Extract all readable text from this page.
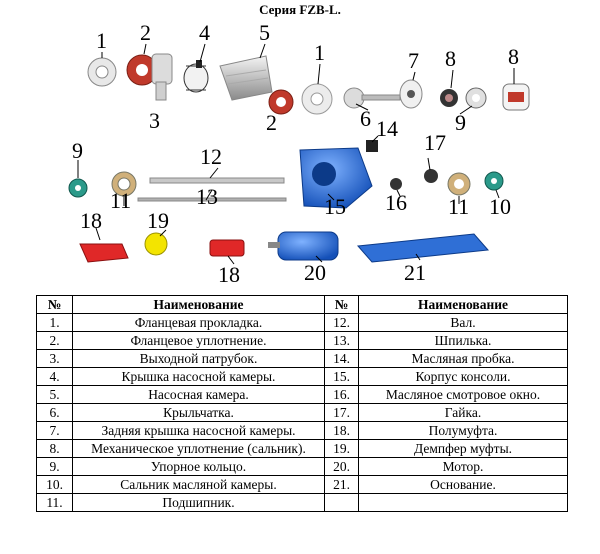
Серия FZB-L.
1 2 4 5
1	7 8 8
3	2	6	9
9	12
14
17
11	13	15 16 11 10
18 19
18	20	21
№	Наименование	№	Наименование
1.	Фланцевая прокладка.	12.	Вал.
2.	Фланцевое уплотнение.	13.	Шпилька.
3.	Выходной патрубок.	14.	Масляная пробка.
4.	Крышка насосной камеры.	15.	Корпус консоли.
5.	Насосная камера.	16.	Масляное смотровое окно.
6.	Крыльчатка.	17.	Гайка.
7.	Задняя крышка насосной камеры.	18.	Полумуфта.
8.	Механическое уплотнение (сальник).	19.	Демпфер муфты.
9.	Упорное кольцо.	20.	Мотор.
10.	Сальник масляной камеры.	21.	Основание.
11.	Подшипник.		
